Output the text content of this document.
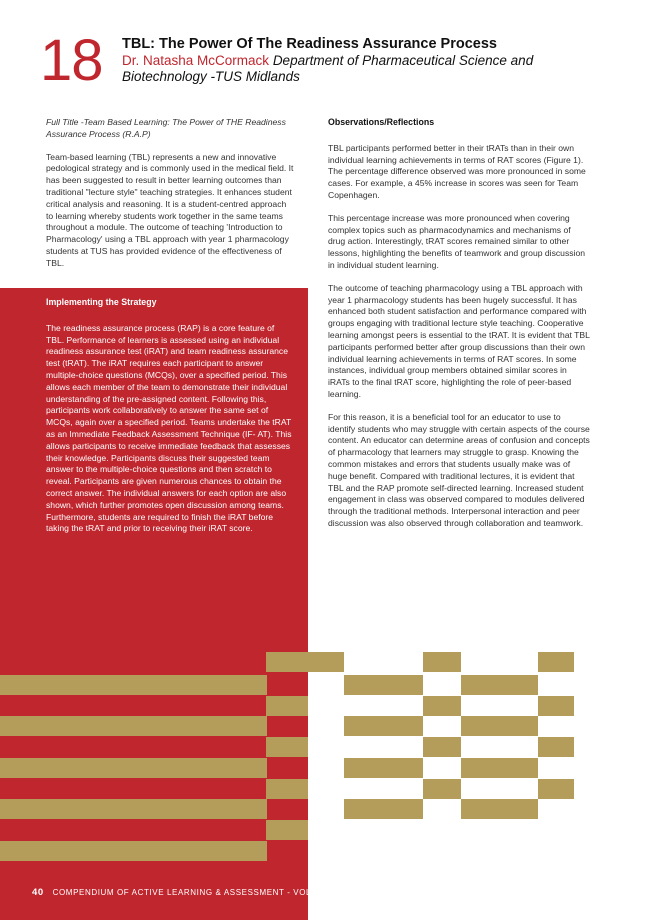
18 TBL: The Power Of The Readiness Assurance Process
Dr. Natasha McCormack Department of Pharmaceutical Science and Biotechnology -TUS Midlands

Full Title -Team Based Learning: The Power of THE Readiness Assurance Process (R.A.P)

Team-based learning (TBL) represents a new and innovative pedological strategy and is commonly used in the medical field. It has been suggested to result in better learning outcomes than traditional "lecture style" teaching strategies. It enhances student critical analysis and reasoning. It is a student-centred approach to learning whereby students work together in the same teams throughout a module. The outcome of teaching 'Introduction to Pharmacology' using a TBL approach with year 1 pharmacology students at TUS has provided evidence of the effectiveness of TBL.

Implementing the Strategy

The readiness assurance process (RAP) is a core feature of TBL. Performance of learners is assessed using an individual readiness assurance test (iRAT) and team readiness assurance test (tRAT). The iRAT requires each participant to answer multiple-choice questions (MCQs), over a specified period. This allows each member of the team to demonstrate their individual understanding of the pre-assigned content. Following this, participants work collaboratively to answer the same set of MCQs, again over a specified period. Teams undertake the tRAT as an Immediate Feedback Assessment Technique (IF- AT). This allows participants to receive immediate feedback that assesses their knowledge. Participants discuss their suggested team answer to the multiple-choice questions and then scratch to reveal. Participants are given numerous chances to obtain the correct answer. The individual answers for each option are also shown, which further promotes open discussion among teams. Furthermore, students are required to finish the iRAT before taking the tRAT and prior to receiving their iRAT score.

Observations/Reflections

TBL participants performed better in their tRATs than in their own individual learning achievements in terms of RAT scores (Figure 1). The percentage difference observed was more pronounced in some cases. For example, a 45% increase in scores was seen for Team Copenhagen.

This percentage increase was more pronounced when covering complex topics such as pharmacodynamics and mechanisms of drug action. Interestingly, tRAT scores remained similar to other lessons, highlighting the benefits of teamwork and group discussion in individual student learning.

The outcome of teaching pharmacology using a TBL approach with year 1 pharmacology students has been hugely successful. It has enhanced both student satisfaction and performance compared with groups engaging with traditional lecture style teaching. Cooperative learning amongst peers is essential to the tRAT. It is evident that TBL participants performed better after group discussions than their own individual learning achievements in terms of RAT scores. In some instances, individual group members obtained similar scores in iRATs to the final tRAT score, highlighting the role of peer-based learning.

For this reason, it is a beneficial tool for an educator to use to identify students who may struggle with certain aspects of the course content. An educator can determine areas of confusion and concepts of pharmacology that learners may struggle to grasp. Knowing the common mistakes and errors that students usually make was of huge benefit. Compared with traditional lectures, it is evident that TBL and the RAP promote self-directed learning. Increased student engagement in class was observed compared to modules delivered through the traditional methods. Interpersonal interaction and peer discussion was also observed through collaboration and teamwork.

40 COMPENDIUM OF ACTIVE LEARNING & ASSESSMENT - VOL. 2
